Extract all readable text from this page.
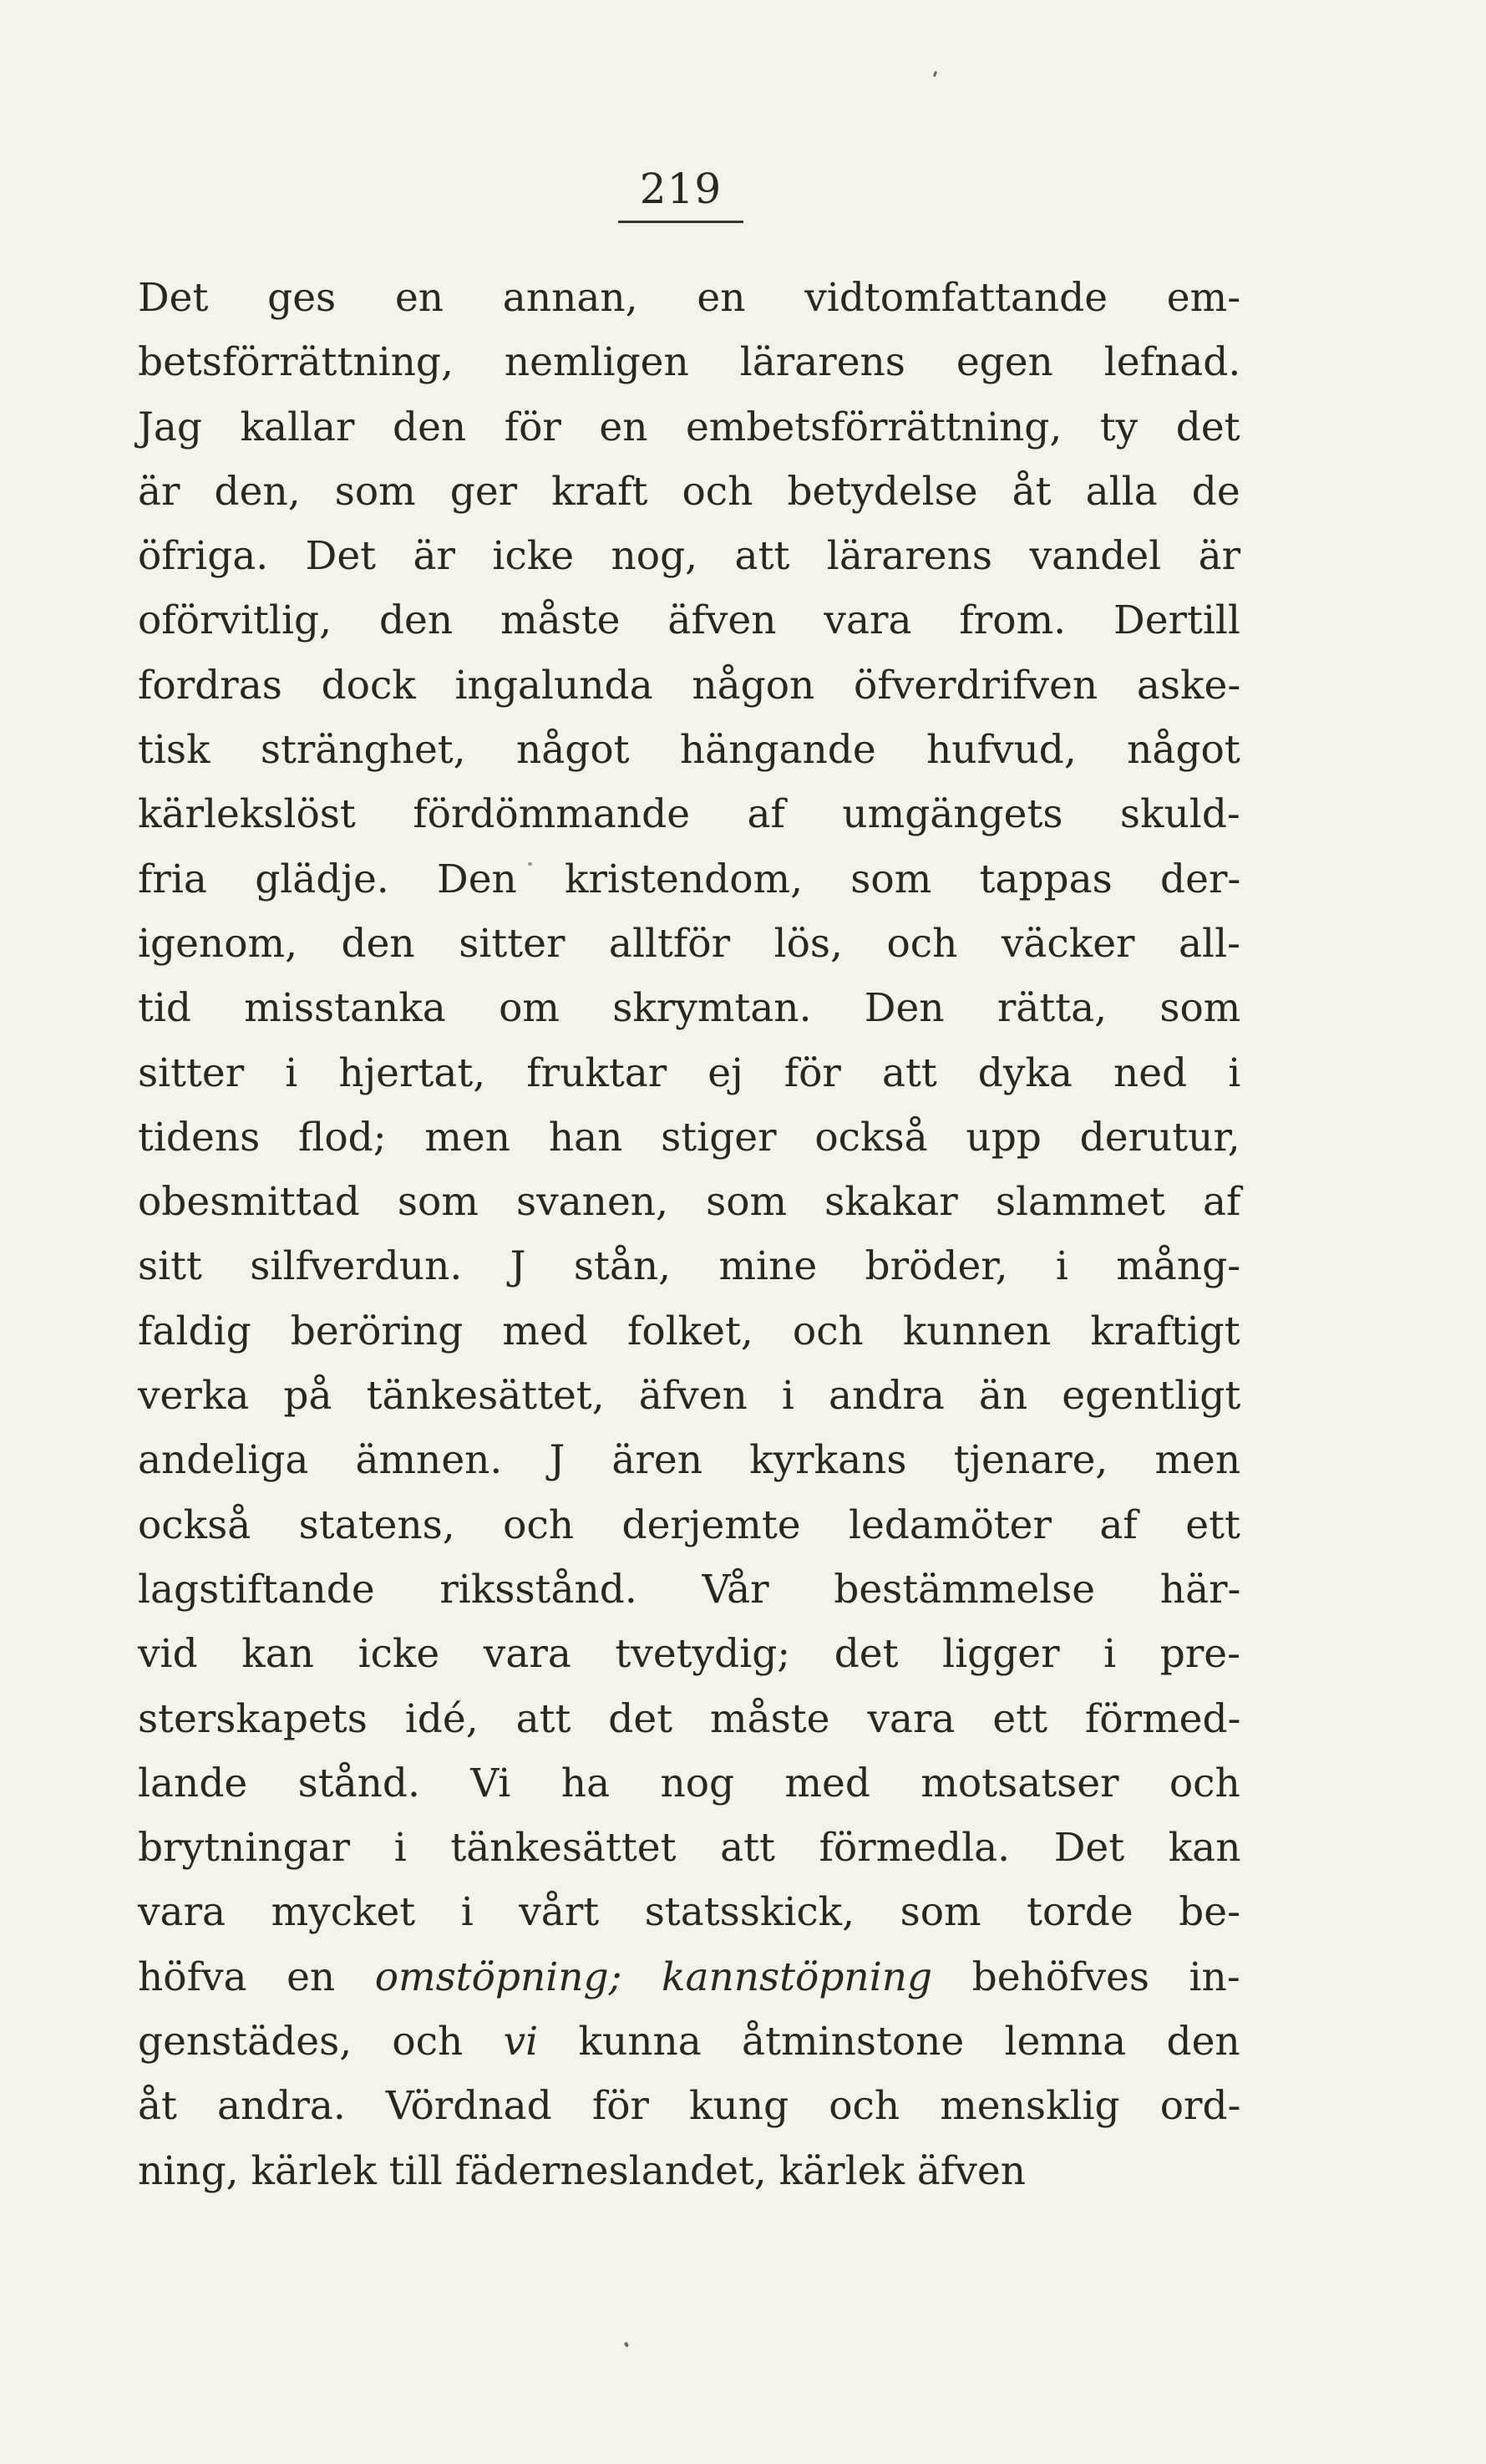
219
Det ges en annan, en vidtomfattande em-
betsförrättning, nemligen lärarens egen lefnad.
Jag kallar den för en embetsförrättning, ty det
är den, som ger kraft och betydelse åt alla de
öfriga. Det är icke nog, att lärarens vandel är
oförvitlig, den måste äfven vara from. Dertill
fordras dock ingalunda någon öfverdrifven aske-
tisk stränghet, något hängande hufvud, något
kärlekslöst fördömmande af umgängets skuld-
fria glädje. Den kristendom, som tappas der-
igenom, den sitter alltför lös, och väcker all-
tid misstanka om skrymtan. Den rätta, som
sitter i hjertat, fruktar ej för att dyka ned i
tidens flod; men han stiger också upp derutur,
obesmittad som svanen, som skakar slammet af
sitt silfverdun. J stån, mine bröder, i mång-
faldig beröring med folket, och kunnen kraftigt
verka på tänkesättet, äfven i andra än egentligt
andeliga ämnen. J ären kyrkans tjenare, men
också statens, och derjemte ledamöter af ett
lagstiftande riksstånd. Vår bestämmelse här-
vid kan icke vara tvetydig; det ligger i pre-
sterskapets idé, att det måste vara ett förmed-
lande stånd. Vi ha nog med motsatser och
brytningar i tänkesättet att förmedla. Det kan
vara mycket i vårt statsskick, som torde be-
höfva en omstöpning; kannstöpning behöfves in-
genstädes, och vi kunna åtminstone lemna den
åt andra. Vördnad för kung och mensklig ord-
ning, kärlek till fäderneslandet, kärlek äfven
